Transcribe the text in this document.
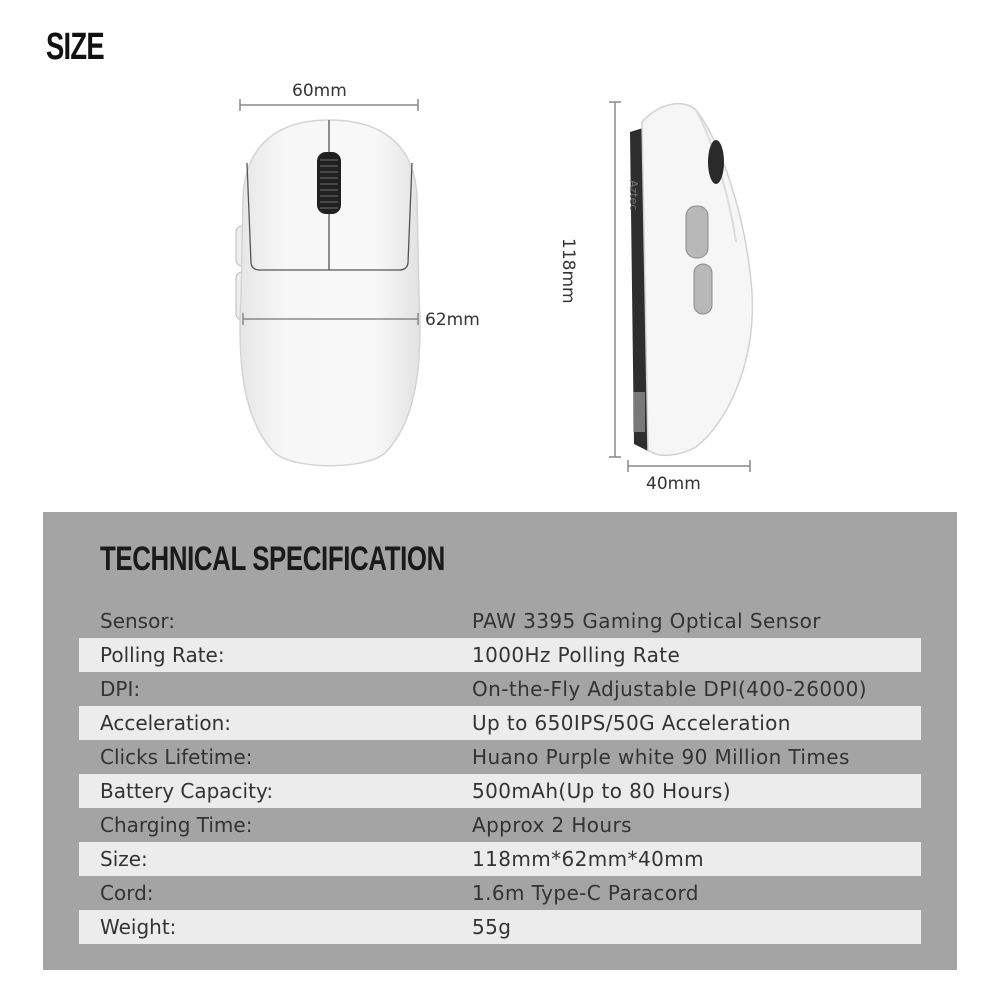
SIZE
60mm
62mm
Aztec
118mm
40mm
TECHNICAL SPECIFICATION
Sensor:	PAW 3395 Gaming Optical Sensor
Polling Rate:	1000Hz Polling Rate
DPI:	On-the-Fly Adjustable DPI(400-26000)
Acceleration:	Up to 650IPS/50G Acceleration
Clicks Lifetime:	Huano Purple white 90 Million Times
Battery Capacity:	500mAh(Up to 80 Hours)
Charging Time:	Approx 2 Hours
Size:	118mm*62mm*40mm
Cord:	1.6m Type-C Paracord
Weight:	55g
